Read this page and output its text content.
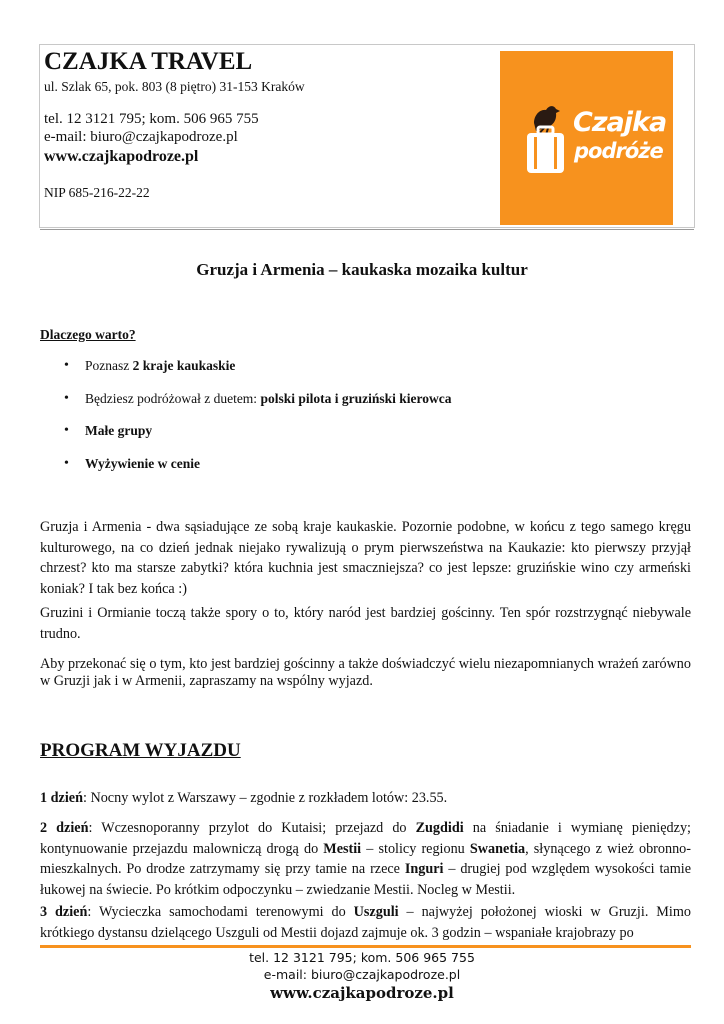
CZAJKA TRAVEL
ul. Szlak 65, pok. 803 (8 piętro) 31-153 Kraków
tel. 12 3121 795; kom. 506 965 755
e-mail: biuro@czajkapodroze.pl
www.czajkapodroze.pl
NIP 685-216-22-22
Czajka
podróże
Gruzja i Armenia – kaukaska mozaika kultur
Dlaczego warto?
• Poznasz 2 kraje kaukaskie
• Będziesz podróżował z duetem: polski pilota i gruziński kierowca
• Małe grupy
• Wyżywienie w cenie

Gruzja i Armenia - dwa sąsiadujące ze sobą kraje kaukaskie. Pozornie podobne, w końcu z tego samego kręgu kulturowego, na co dzień jednak niejako rywalizują o prym pierwszeństwa na Kaukazie: kto pierwszy przyjął chrzest? kto ma starsze zabytki? która kuchnia jest smaczniejsza? co jest lepsze: gruzińskie wino czy armeński koniak? I tak bez końca :)

Gruzini i Ormianie toczą także spory o to, który naród jest bardziej gościnny. Ten spór rozstrzygnąć niebywale trudno.

Aby przekonać się o tym, kto jest bardziej gościnny a także doświadczyć wielu niezapomnianych wrażeń zarówno w Gruzji jak i w Armenii, zapraszamy na wspólny wyjazd.

PROGRAM WYJAZDU

1 dzień: Nocny wylot z Warszawy – zgodnie z rozkładem lotów: 23.55.

2 dzień: Wczesnoporanny przylot do Kutaisi; przejazd do Zugdidi na śniadanie i wymianę pieniędzy; kontynuowanie przejazdu malowniczą drogą do Mestii – stolicy regionu Swanetia, słynącego z wież obronno-mieszkalnych. Po drodze zatrzymamy się przy tamie na rzece Inguri – drugiej pod względem wysokości tamie łukowej na świecie. Po krótkim odpoczynku – zwiedzanie Mestii. Nocleg w Mestii.

3 dzień: Wycieczka samochodami terenowymi do Uszguli – najwyżej położonej wioski w Gruzji. Mimo krótkiego dystansu dzielącego Uszguli od Mestii dojazd zajmuje ok. 3 godzin – wspaniałe krajobrazy po

tel. 12 3121 795; kom. 506 965 755
e-mail: biuro@czajkapodroze.pl
www.czajkapodroze.pl
